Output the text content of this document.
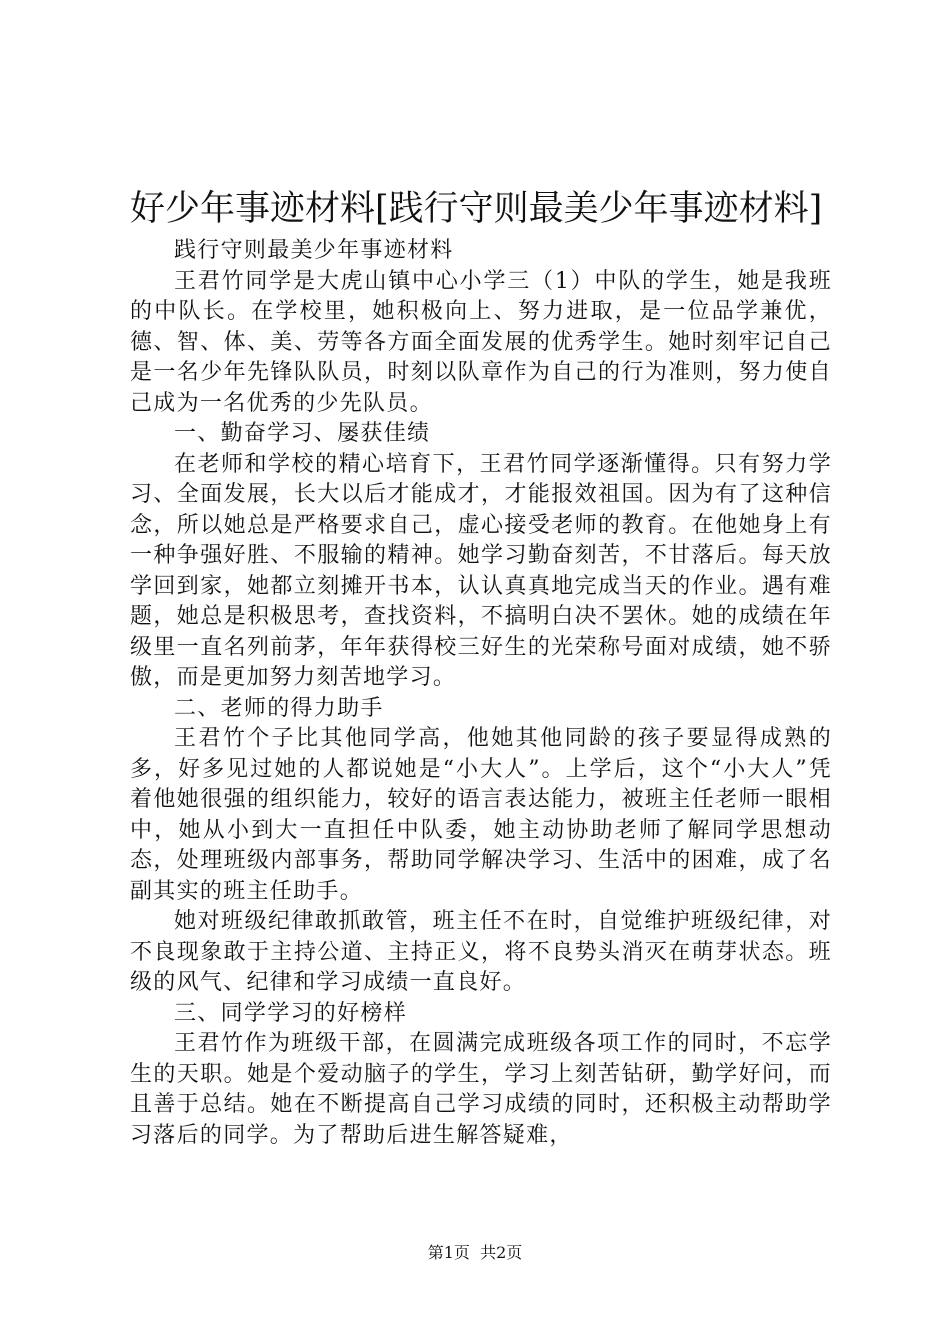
好少年事迹材料[践行守则最美少年事迹材料]

践行守则最美少年事迹材料

王君竹同学是大虎山镇中心小学三（1）中队的学生，她是我班的中队长。在学校里，她积极向上、努力进取，是一位品学兼优，德、智、体、美、劳等各方面全面发展的优秀学生。她时刻牢记自己是一名少年先锋队队员，时刻以队章作为自己的行为准则，努力使自己成为一名优秀的少先队员。

一、勤奋学习、屡获佳绩

在老师和学校的精心培育下，王君竹同学逐渐懂得。只有努力学习、全面发展，长大以后才能成才，才能报效祖国。因为有了这种信念，所以她总是严格要求自己，虚心接受老师的教育。在他她身上有一种争强好胜、不服输的精神。她学习勤奋刻苦，不甘落后。每天放学回到家，她都立刻摊开书本，认认真真地完成当天的作业。遇有难题，她总是积极思考，查找资料，不搞明白决不罢休。她的成绩在年级里一直名列前茅，年年获得校三好生的光荣称号面对成绩，她不骄傲，而是更加努力刻苦地学习。

二、老师的得力助手

王君竹个子比其他同学高，他她其他同龄的孩子要显得成熟的多，好多见过她的人都说她是“小大人”。上学后，这个“小大人”凭着他她很强的组织能力，较好的语言表达能力，被班主任老师一眼相中，她从小到大一直担任中队委，她主动协助老师了解同学思想动态，处理班级内部事务，帮助同学解决学习、生活中的困难，成了名副其实的班主任助手。

她对班级纪律敢抓敢管，班主任不在时，自觉维护班级纪律，对不良现象敢于主持公道、主持正义，将不良势头消灭在萌芽状态。班级的风气、纪律和学习成绩一直良好。

三、同学学习的好榜样

王君竹作为班级干部，在圆满完成班级各项工作的同时，不忘学生的天职。她是个爱动脑子的学生，学习上刻苦钻研，勤学好问，而且善于总结。她在不断提高自己学习成绩的同时，还积极主动帮助学习落后的同学。为了帮助后进生解答疑难，

第1页 共2页
